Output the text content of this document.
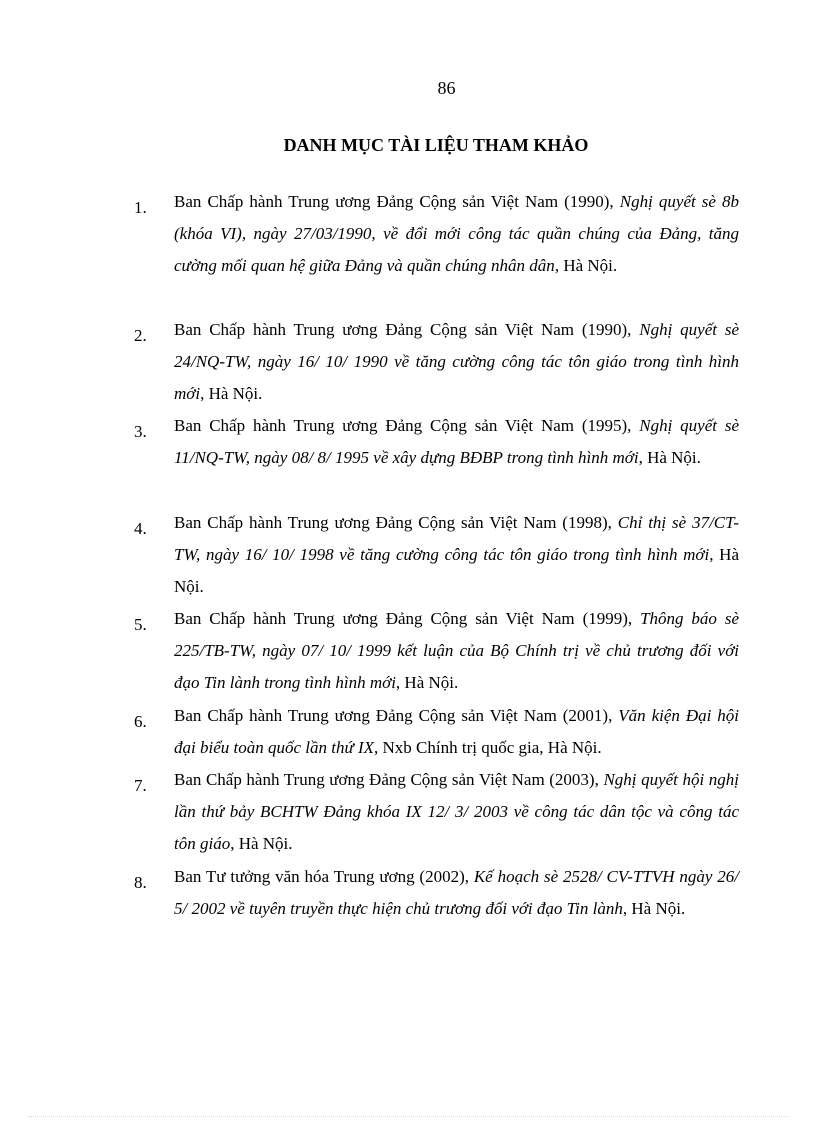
86
DANH MỤC TÀI LIỆU THAM KHẢO
1. Ban Chấp hành Trung ương Đảng Cộng sản Việt Nam (1990), Nghị quyết sè 8b (khóa VI), ngày 27/03/1990, về đổi mới công tác quần chúng của Đảng, tăng cường mối quan hệ giữa Đảng và quần chúng nhân dân, Hà Nội.

2. Ban Chấp hành Trung ương Đảng Cộng sản Việt Nam (1990), Nghị quyết sè 24/NQ-TW, ngày 16/ 10/ 1990 về tăng cường công tác tôn giáo trong tình hình mới, Hà Nội.

3. Ban Chấp hành Trung ương Đảng Cộng sản Việt Nam (1995), Nghị quyết sè 11/NQ-TW, ngày 08/ 8/ 1995 về xây dựng BĐBP trong tình hình mới, Hà Nội.

4. Ban Chấp hành Trung ương Đảng Cộng sản Việt Nam (1998), Chỉ thị sè 37/CT-TW, ngày 16/ 10/ 1998 về tăng cường công tác tôn giáo trong tình hình mới, Hà Nội.

5. Ban Chấp hành Trung ương Đảng Cộng sản Việt Nam (1999), Thông báo sè 225/TB-TW, ngày 07/ 10/ 1999 kết luận của Bộ Chính trị về chủ trương đối với đạo Tin lành trong tình hình mới, Hà Nội.

6. Ban Chấp hành Trung ương Đảng Cộng sản Việt Nam (2001), Văn kiện Đại hội đại biểu toàn quốc lần thứ IX, Nxb Chính trị quốc gia, Hà Nội.

7. Ban Chấp hành Trung ương Đảng Cộng sản Việt Nam (2003), Nghị quyết hội nghị lần thứ bảy BCHTW Đảng khóa IX 12/ 3/ 2003 về công tác dân tộc và công tác tôn giáo, Hà Nội.

8. Ban Tư tưởng văn hóa Trung ương (2002), Kế hoạch sè 2528/ CV-TTVH ngày 26/ 5/ 2002 về tuyên truyền thực hiện chủ trương đối với đạo Tin lành, Hà Nội.
